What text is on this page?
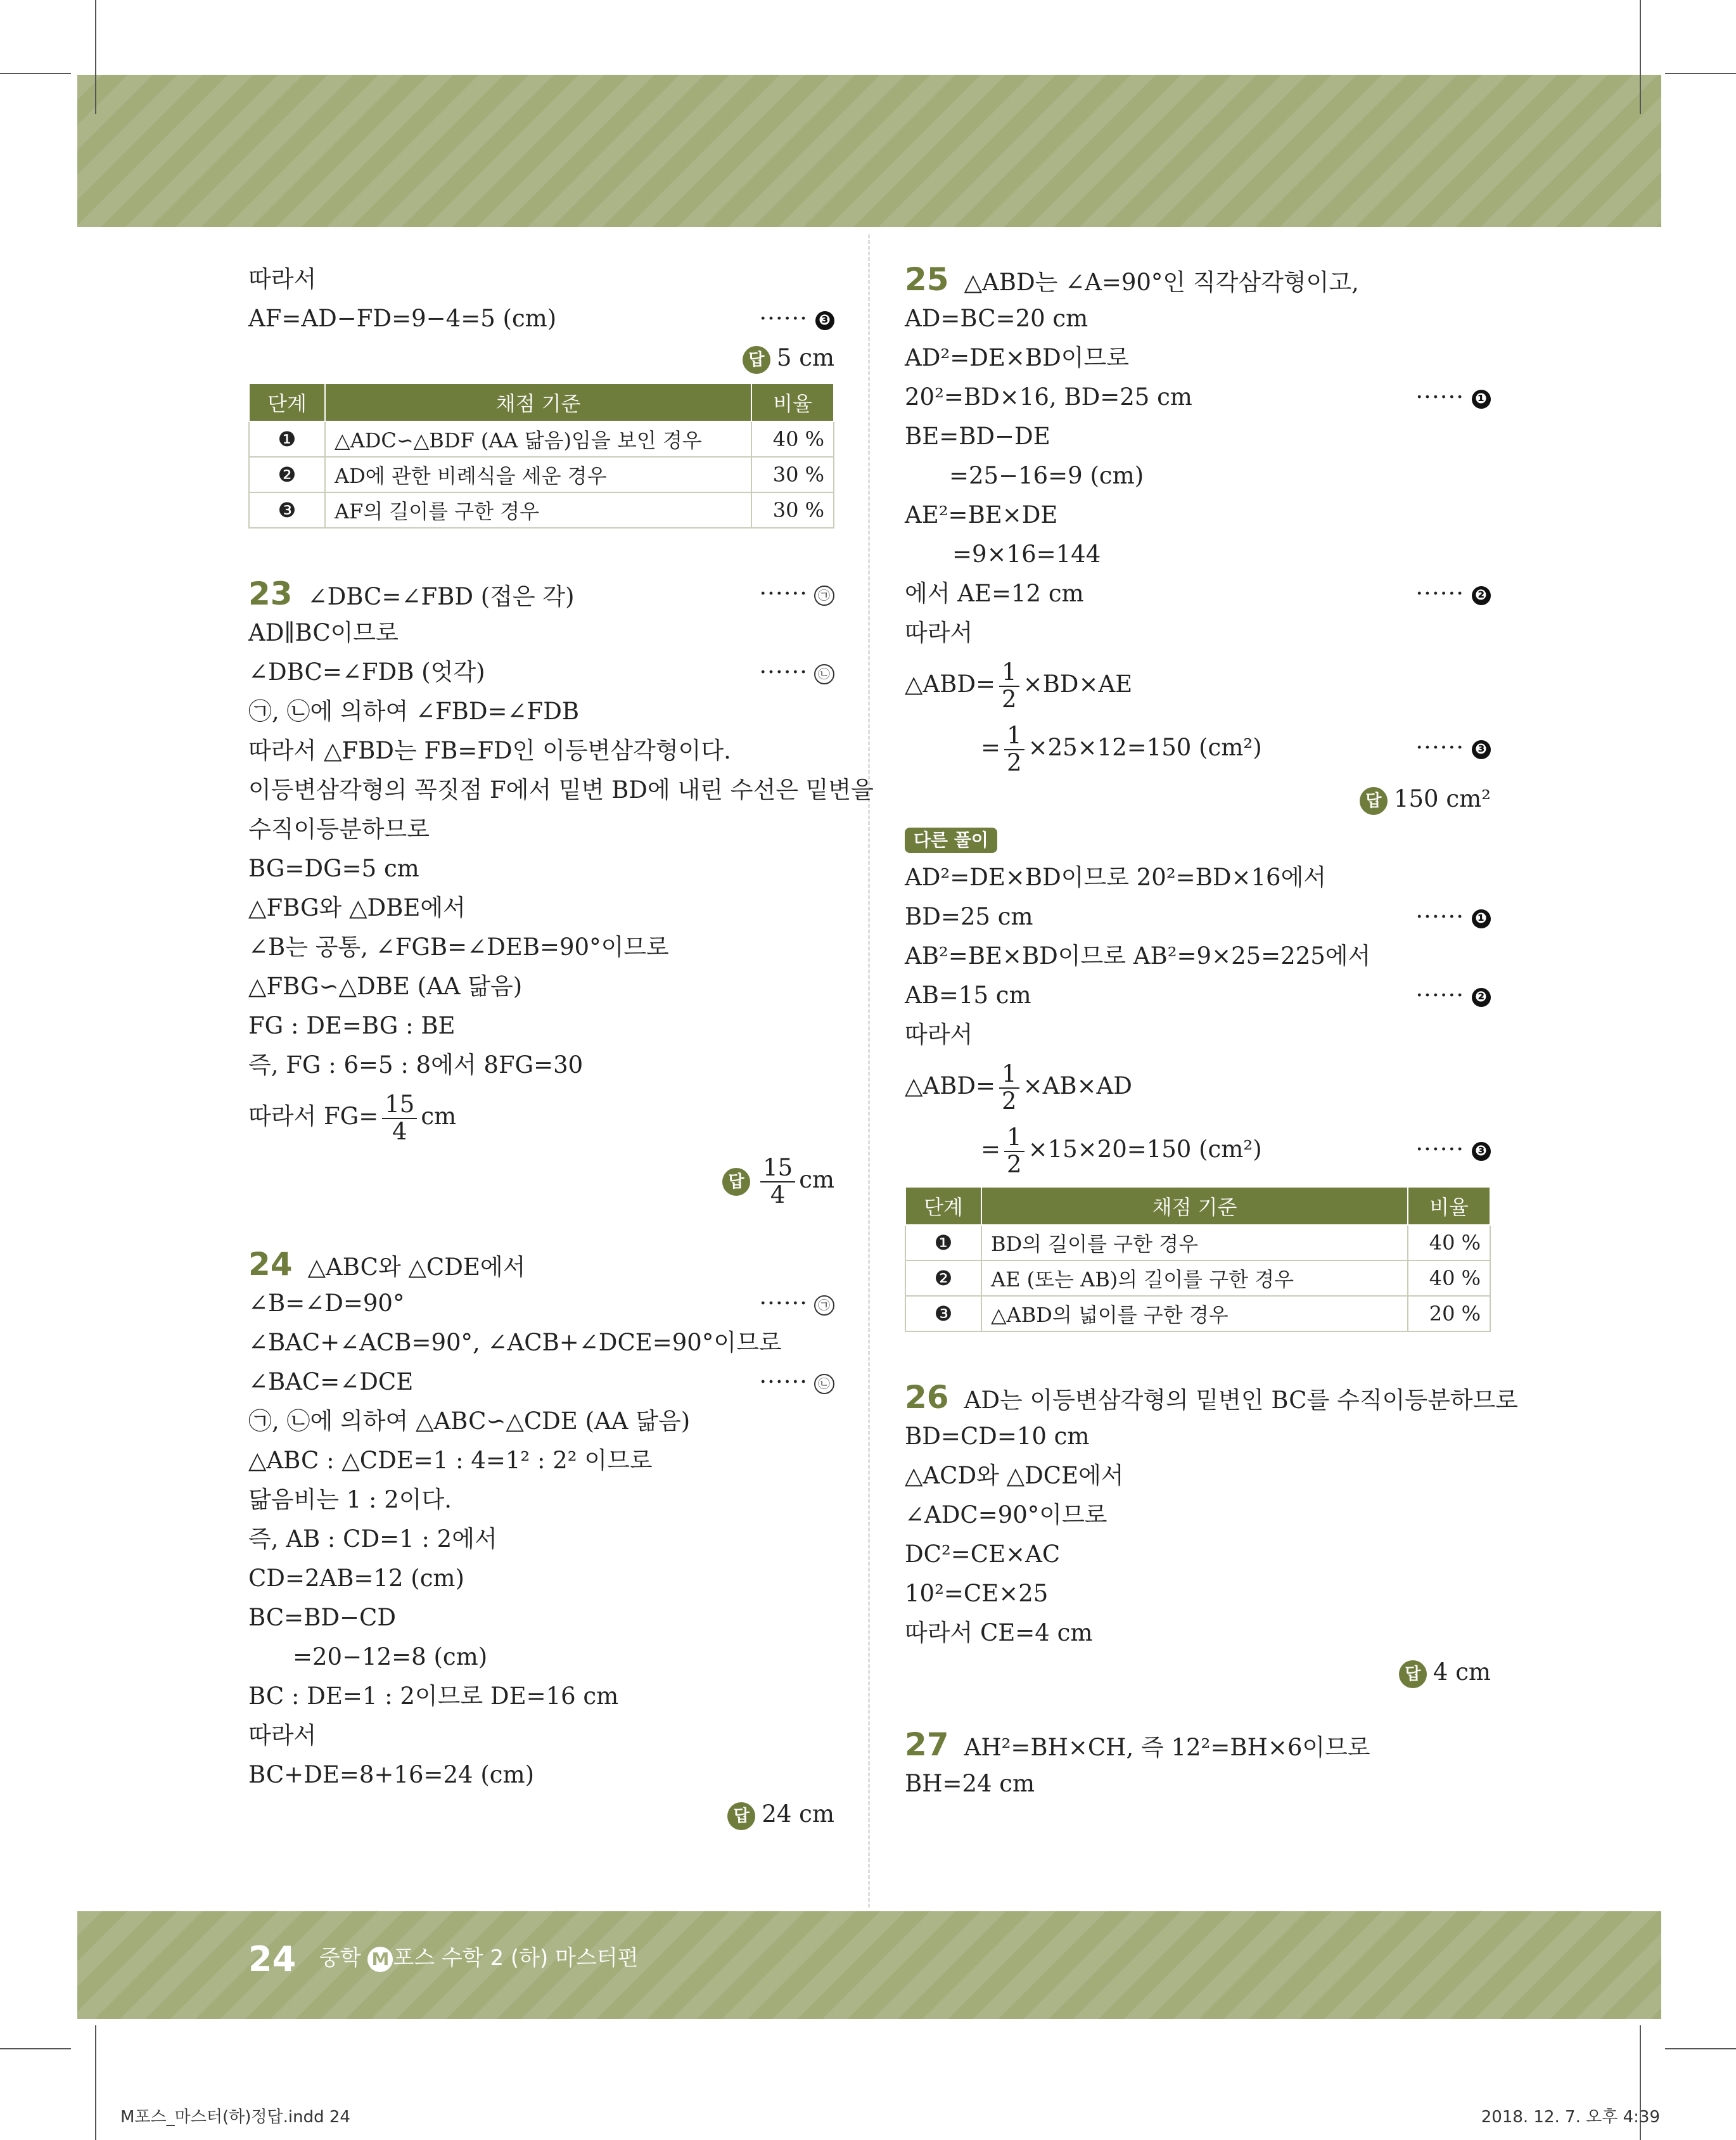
따라서
AF=AD−FD=9−4=5 (cm)	······ ❸
답 5 cm
단계	채점 기준	비율
❶	△ADC∽△BDF (AA 닮음)임을 보인 경우	40 %
❷	AD에 관한 비례식을 세운 경우	30 %
❸	AF의 길이를 구한 경우	30 %
23 ∠DBC=∠FBD (접은 각)	······ ㉠
AD∥BC이므로
∠DBC=∠FDB (엇각)	······ ㉡
㉠, ㉡에 의하여 ∠FBD=∠FDB
따라서 △FBD는 FB=FD인 이등변삼각형이다.
이등변삼각형의 꼭짓점 F에서 밑변 BD에 내린 수선은 밑변을
수직이등분하므로
BG=DG=5 cm
△FBG와 △DBE에서
∠B는 공통, ∠FGB=∠DEB=90°이므로
△FBG∽△DBE (AA 닮음)
FG : DE=BG : BE
즉, FG : 6=5 : 8에서 8FG=30
따라서 $FG= \frac{15}{4}$ cm
답 $\frac{15}{4}$ cm
24 △ABC와 △CDE에서
∠B=∠D=90°	······ ㉠
∠BAC+∠ACB=90°, ∠ACB+∠DCE=90°이므로
∠BAC=∠DCE	······ ㉡
㉠, ㉡에 의하여 △ABC∽△CDE (AA 닮음)
△ABC : △CDE=1 : 4=1² : 2² 이므로
닮음비는 1 : 2이다.
즉, AB : CD=1 : 2에서
CD=2AB=12 (cm)
BC=BD−CD
=20−12=8 (cm)
BC : DE=1 : 2이므로 DE=16 cm
따라서
BC+DE=8+16=24 (cm)
답 24 cm
25 △ABD는 ∠A=90°인 직각삼각형이고,
AD=BC=20 cm
AD²=DE×BD이므로
20²=BD×16, BD=25 cm	······ ❶
BE=BD−DE
=25−16=9 (cm)
AE²=BE×DE
=9×16=144
에서 AE=12 cm	······ ❷
따라서
△ABD= $\frac{1}{2} \times BD\times AE$
= $\frac{1}{2} \times 25\times 12=150$ (cm²)	······ ❸
답 150 cm²
다른 풀이
AD²=DE×BD이므로 20²=BD×16에서
BD=25 cm	······ ❶
AB²=BE×BD이므로 AB²=9×25=225에서
AB=15 cm	······ ❷
따라서
△ABD= $\frac{1}{2} \times AB\times AD$
= $\frac{1}{2} \times 15\times 20=150$ (cm²)	······ ❸
단계	채점 기준	비율
❶	BD의 길이를 구한 경우	40 %
❷	AE (또는 AB)의 길이를 구한 경우	40 %
❸	△ABD의 넓이를 구한 경우	20 %
26 AD는 이등변삼각형의 밑변인 BC를 수직이등분하므로
BD=CD=10 cm
△ACD와 △DCE에서
∠ADC=90°이므로
DC²=CE×AC
10²=CE×25
따라서 CE=4 cm
답 4 cm
27 AH²=BH×CH, 즉 12²=BH×6이므로
BH=24 cm
24 중학 M 포스 수학 2 (하) 마스터편
M포스_마스터(하)정답.indd 24	2018. 12. 7. 오후 4:39
